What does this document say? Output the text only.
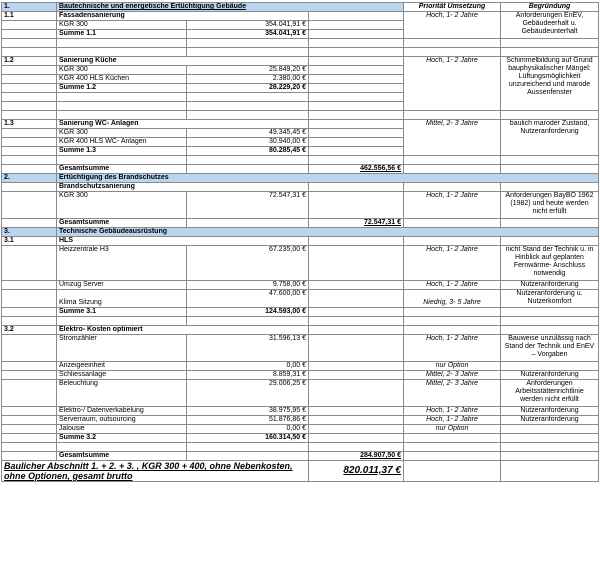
1.	Bautechnische und energetische Ertüchtigung Gebäude			Priorität Umsetzung	Begründung
1.1	Fassadensanierung			Hoch, 1- 2 Jahre	Anforderungen EnEV, Gebäudeerhalt u. Gebäudeunterhalt
	KGR 300	354.041,91 €			
	Summe 1.1	354.041,91 €			

1.2	Sanierung Küche			Hoch, 1- 2 Jahre	Schimmelbildung auf Grund bauphysikalischer Mängel: Lüftungsmöglichkeit unzureichend und marode Aussenfenster
	KGR 300	25.849,20 €			
	KGR 400 HLS Küchen	2.380,00 €			
	Summe 1.2	28.229,20 €			

1.3	Sanierung WC- Anlagen			Mittel, 2- 3 Jahre	baulich maroder Zustand, Nutzeranforderung
	KGR 300	49.345,45 €			
	KGR 400 HLS WC- Anlagen	30.940,00 €			
	Summe 1.3	80.285,45 €			

	Gesamtsumme		462.556,56 €		
2.	Ertüchtigung des Brandschutzes				
	Brandschutzsanierung				
	KGR 300	72.547,31 €		Hoch, 1- 2 Jahre	Anforderungen BayBO 1962 (1982) und heute werden nicht erfüllt
	Gesamtsumme		72.547,31 €		
3.	Technische Gebäudeausrüstung				
3.1	HLS				
	Heizzentrale H3	67.235,00 €		Hoch, 1- 2 Jahre	nicht Stand der Technik u. in Hinblick auf geplanten Fernwärme- Anschluss notwendig
	Umzug Server	9.758,00 €		Hoch, 1- 2 Jahre	Nutzeranforderung
	Klima Sitzung	47.600,00 €		Niedrig, 3- 5 Jahre	Nutzeranforderung u. Nutzerkomfort
	Summe 3.1	124.593,00 €			

3.2	Elektro- Kosten optimiert				
	Stromzähler	31.596,13 €		Hoch, 1- 2 Jahre	Bauweise unzulässig nach Stand der Technik und EnEV – Vorgaben
	Anzeigeeinheit	0,00 €		nur Option	
	Schliessanlage	8.859,31 €		Mittel, 2- 3 Jahre	Nutzeranforderung
	Beleuchtung	29.006,25 €		Mittel, 2- 3 Jahre	Anforderungen Arbeitsstättenrichtlinie werden nicht erfüllt
	Elektro-/ Datenverkabelung	38.975,95 €		Hoch, 1- 2 Jahre	Nutzeranforderung
	Serverraum, outsourcing	51.876,86 €		Hoch, 1- 2 Jahre	Nutzeranforderung
	Jalousie	0,00 €		nur Option	
	Summe 3.2	160.314,50 €			

	Gesamtsumme		284.907,50 €		
Baulicher Abschnitt 1. + 2. + 3. , KGR 300 + 400, ohne Nebenkosten, ohne Optionen, gesamt brutto			820.011,37 €		
